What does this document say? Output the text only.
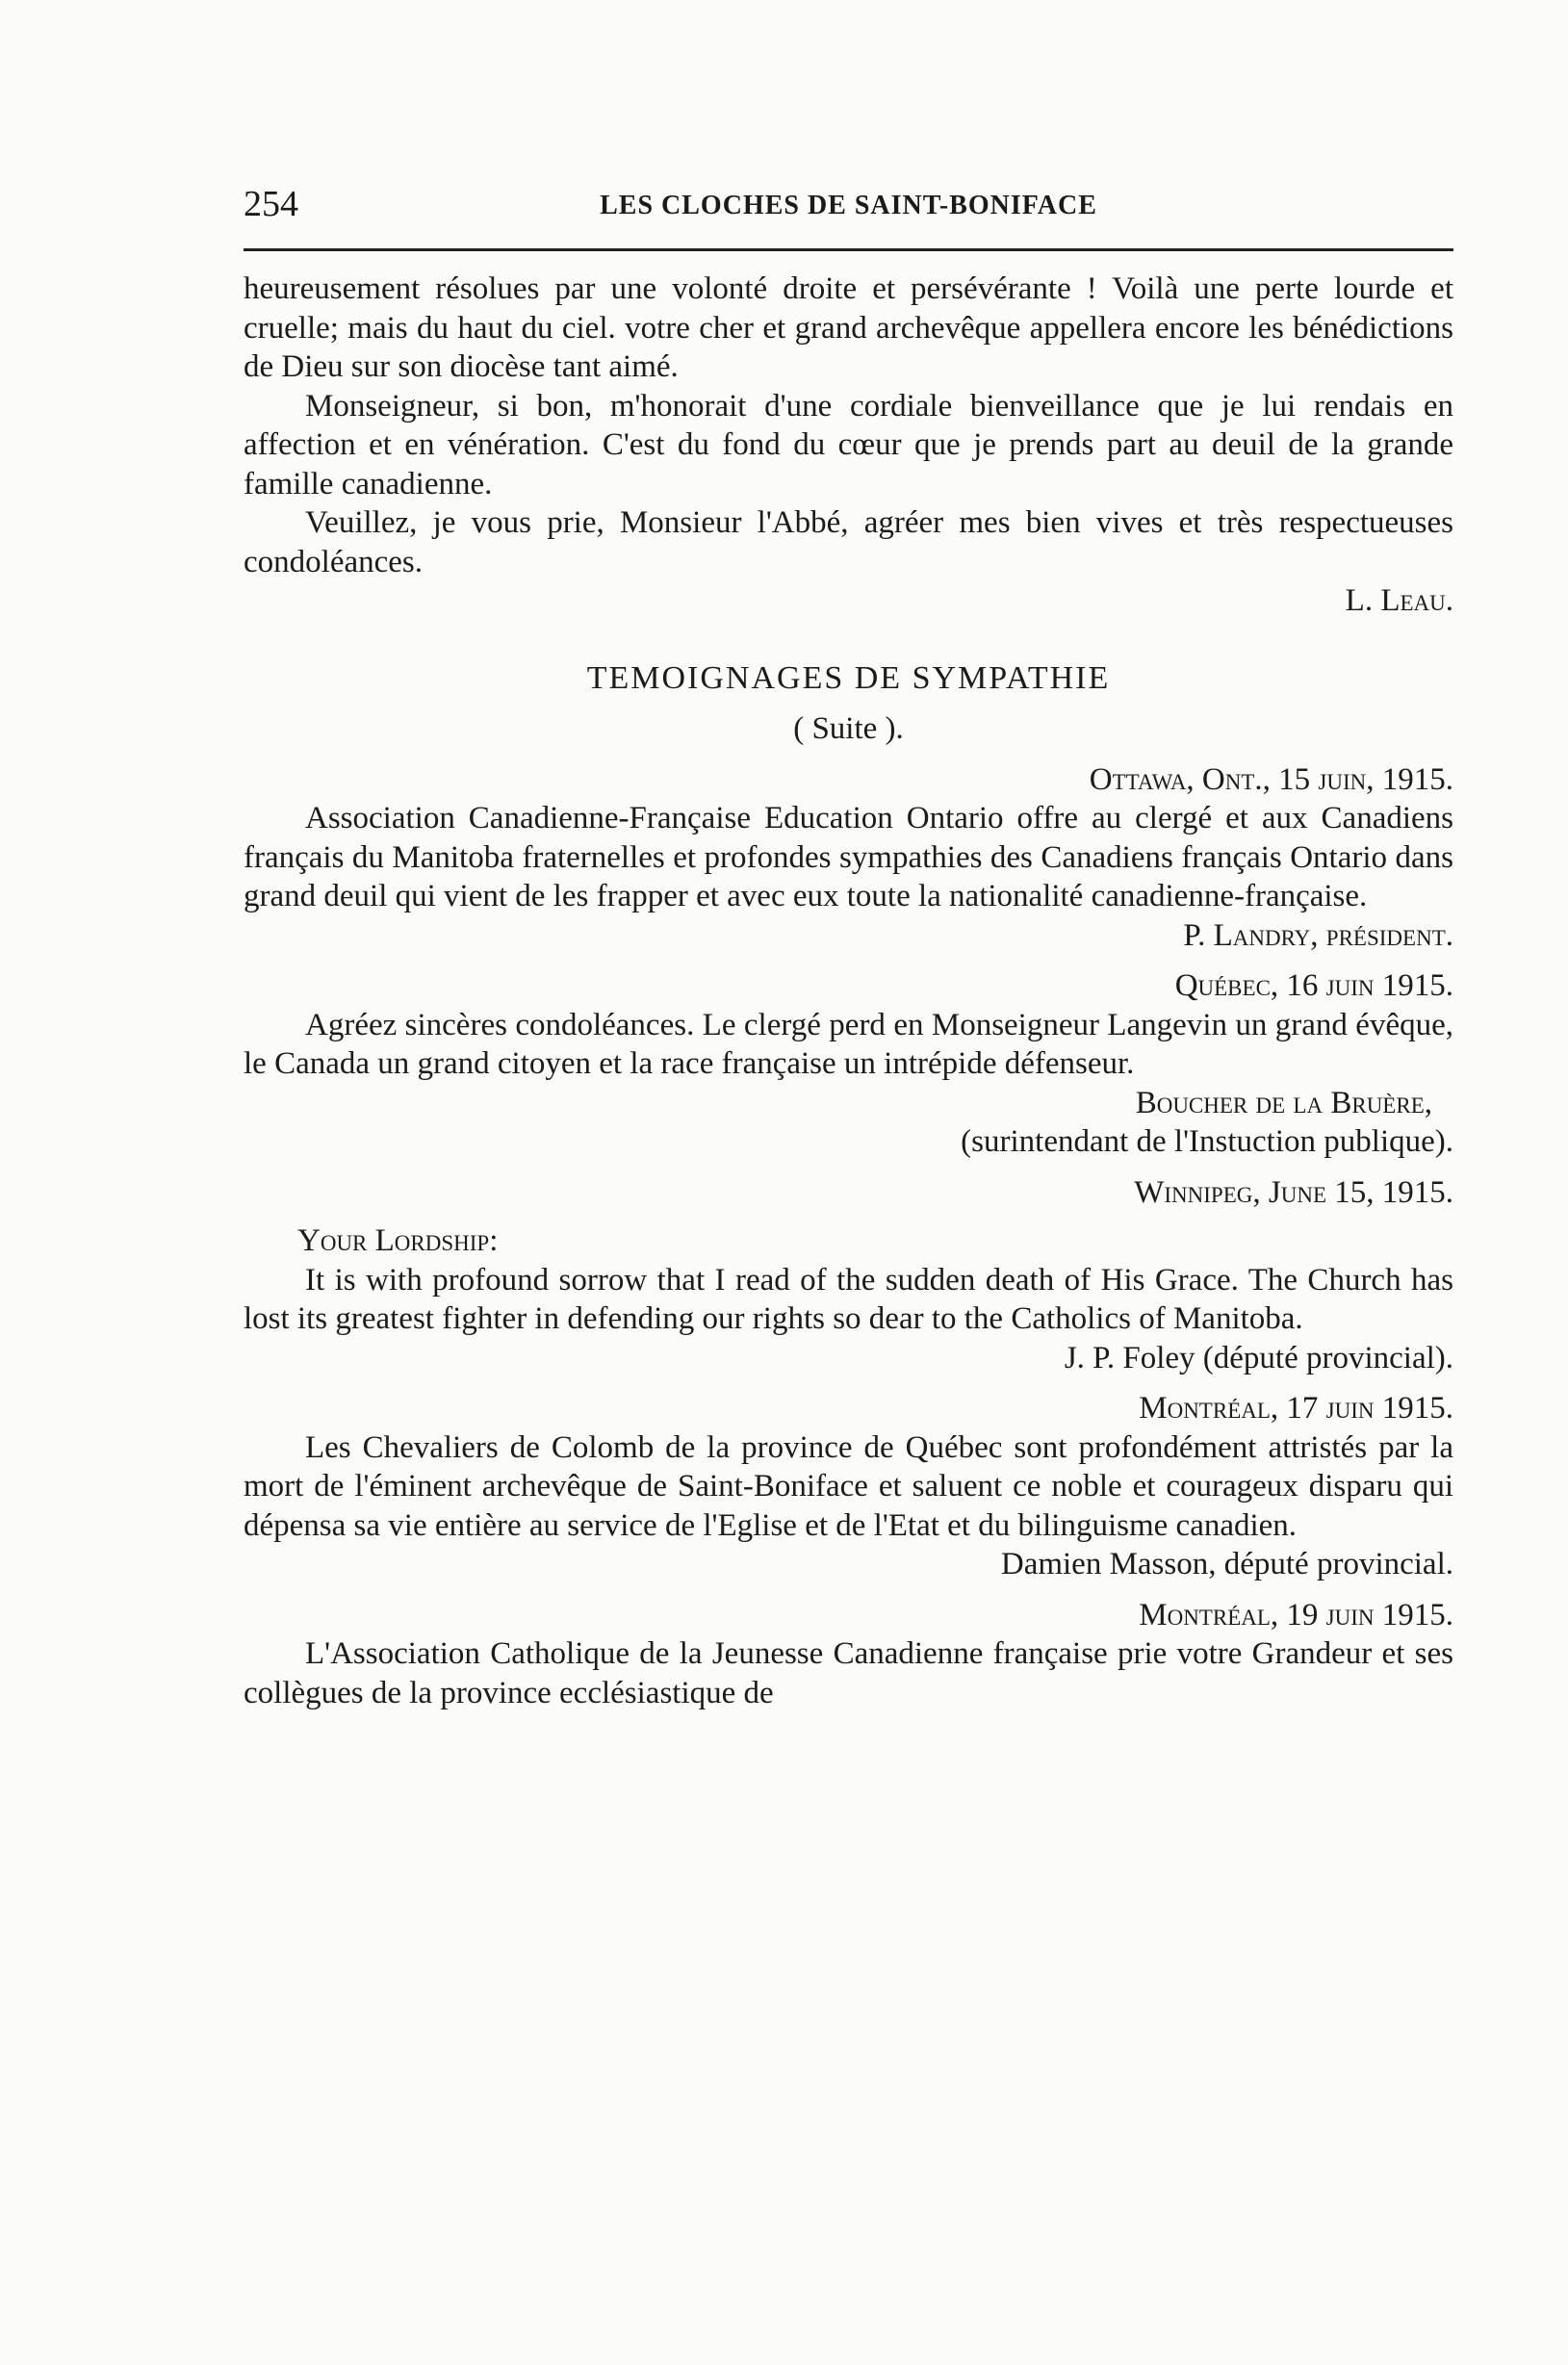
254	LES CLOCHES DE SAINT-BONIFACE

heureusement résolues par une volonté droite et persévérante ! Voilà une perte lourde et cruelle; mais du haut du ciel. votre cher et grand archevêque appellera encore les bénédictions de Dieu sur son diocèse tant aimé.

Monseigneur, si bon, m'honorait d'une cordiale bienveillance que je lui rendais en affection et en vénération. C'est du fond du cœur que je prends part au deuil de la grande famille canadienne.

Veuillez, je vous prie, Monsieur l'Abbé, agréer mes bien vives et très respectueuses condoléances.

L. Leau.

TEMOIGNAGES DE SYMPATHIE

( Suite ).

Ottawa, Ont., 15 juin, 1915.

Association Canadienne-Française Education Ontario offre au clergé et aux Canadiens français du Manitoba fraternelles et profondes sympathies des Canadiens français Ontario dans grand deuil qui vient de les frapper et avec eux toute la nationalité canadienne-française.

P. Landry, président.

Québec, 16 juin 1915.

Agréez sincères condoléances. Le clergé perd en Monseigneur Langevin un grand évêque, le Canada un grand citoyen et la race française un intrépide défenseur.

Boucher de la Bruère,

(surintendant de l'Instuction publique).

Winnipeg, June 15, 1915.

Your Lordship:

It is with profound sorrow that I read of the sudden death of His Grace. The Church has lost its greatest fighter in defending our rights so dear to the Catholics of Manitoba.

J. P. Foley (député provincial).

Montréal, 17 juin 1915.

Les Chevaliers de Colomb de la province de Québec sont profondément attristés par la mort de l'éminent archevêque de Saint-Boniface et saluent ce noble et courageux disparu qui dépensa sa vie entière au service de l'Eglise et de l'Etat et du bilinguisme canadien.

Damien Masson, député provincial.

Montréal, 19 juin 1915.

L'Association Catholique de la Jeunesse Canadienne française prie votre Grandeur et ses collègues de la province ecclésiastique de
